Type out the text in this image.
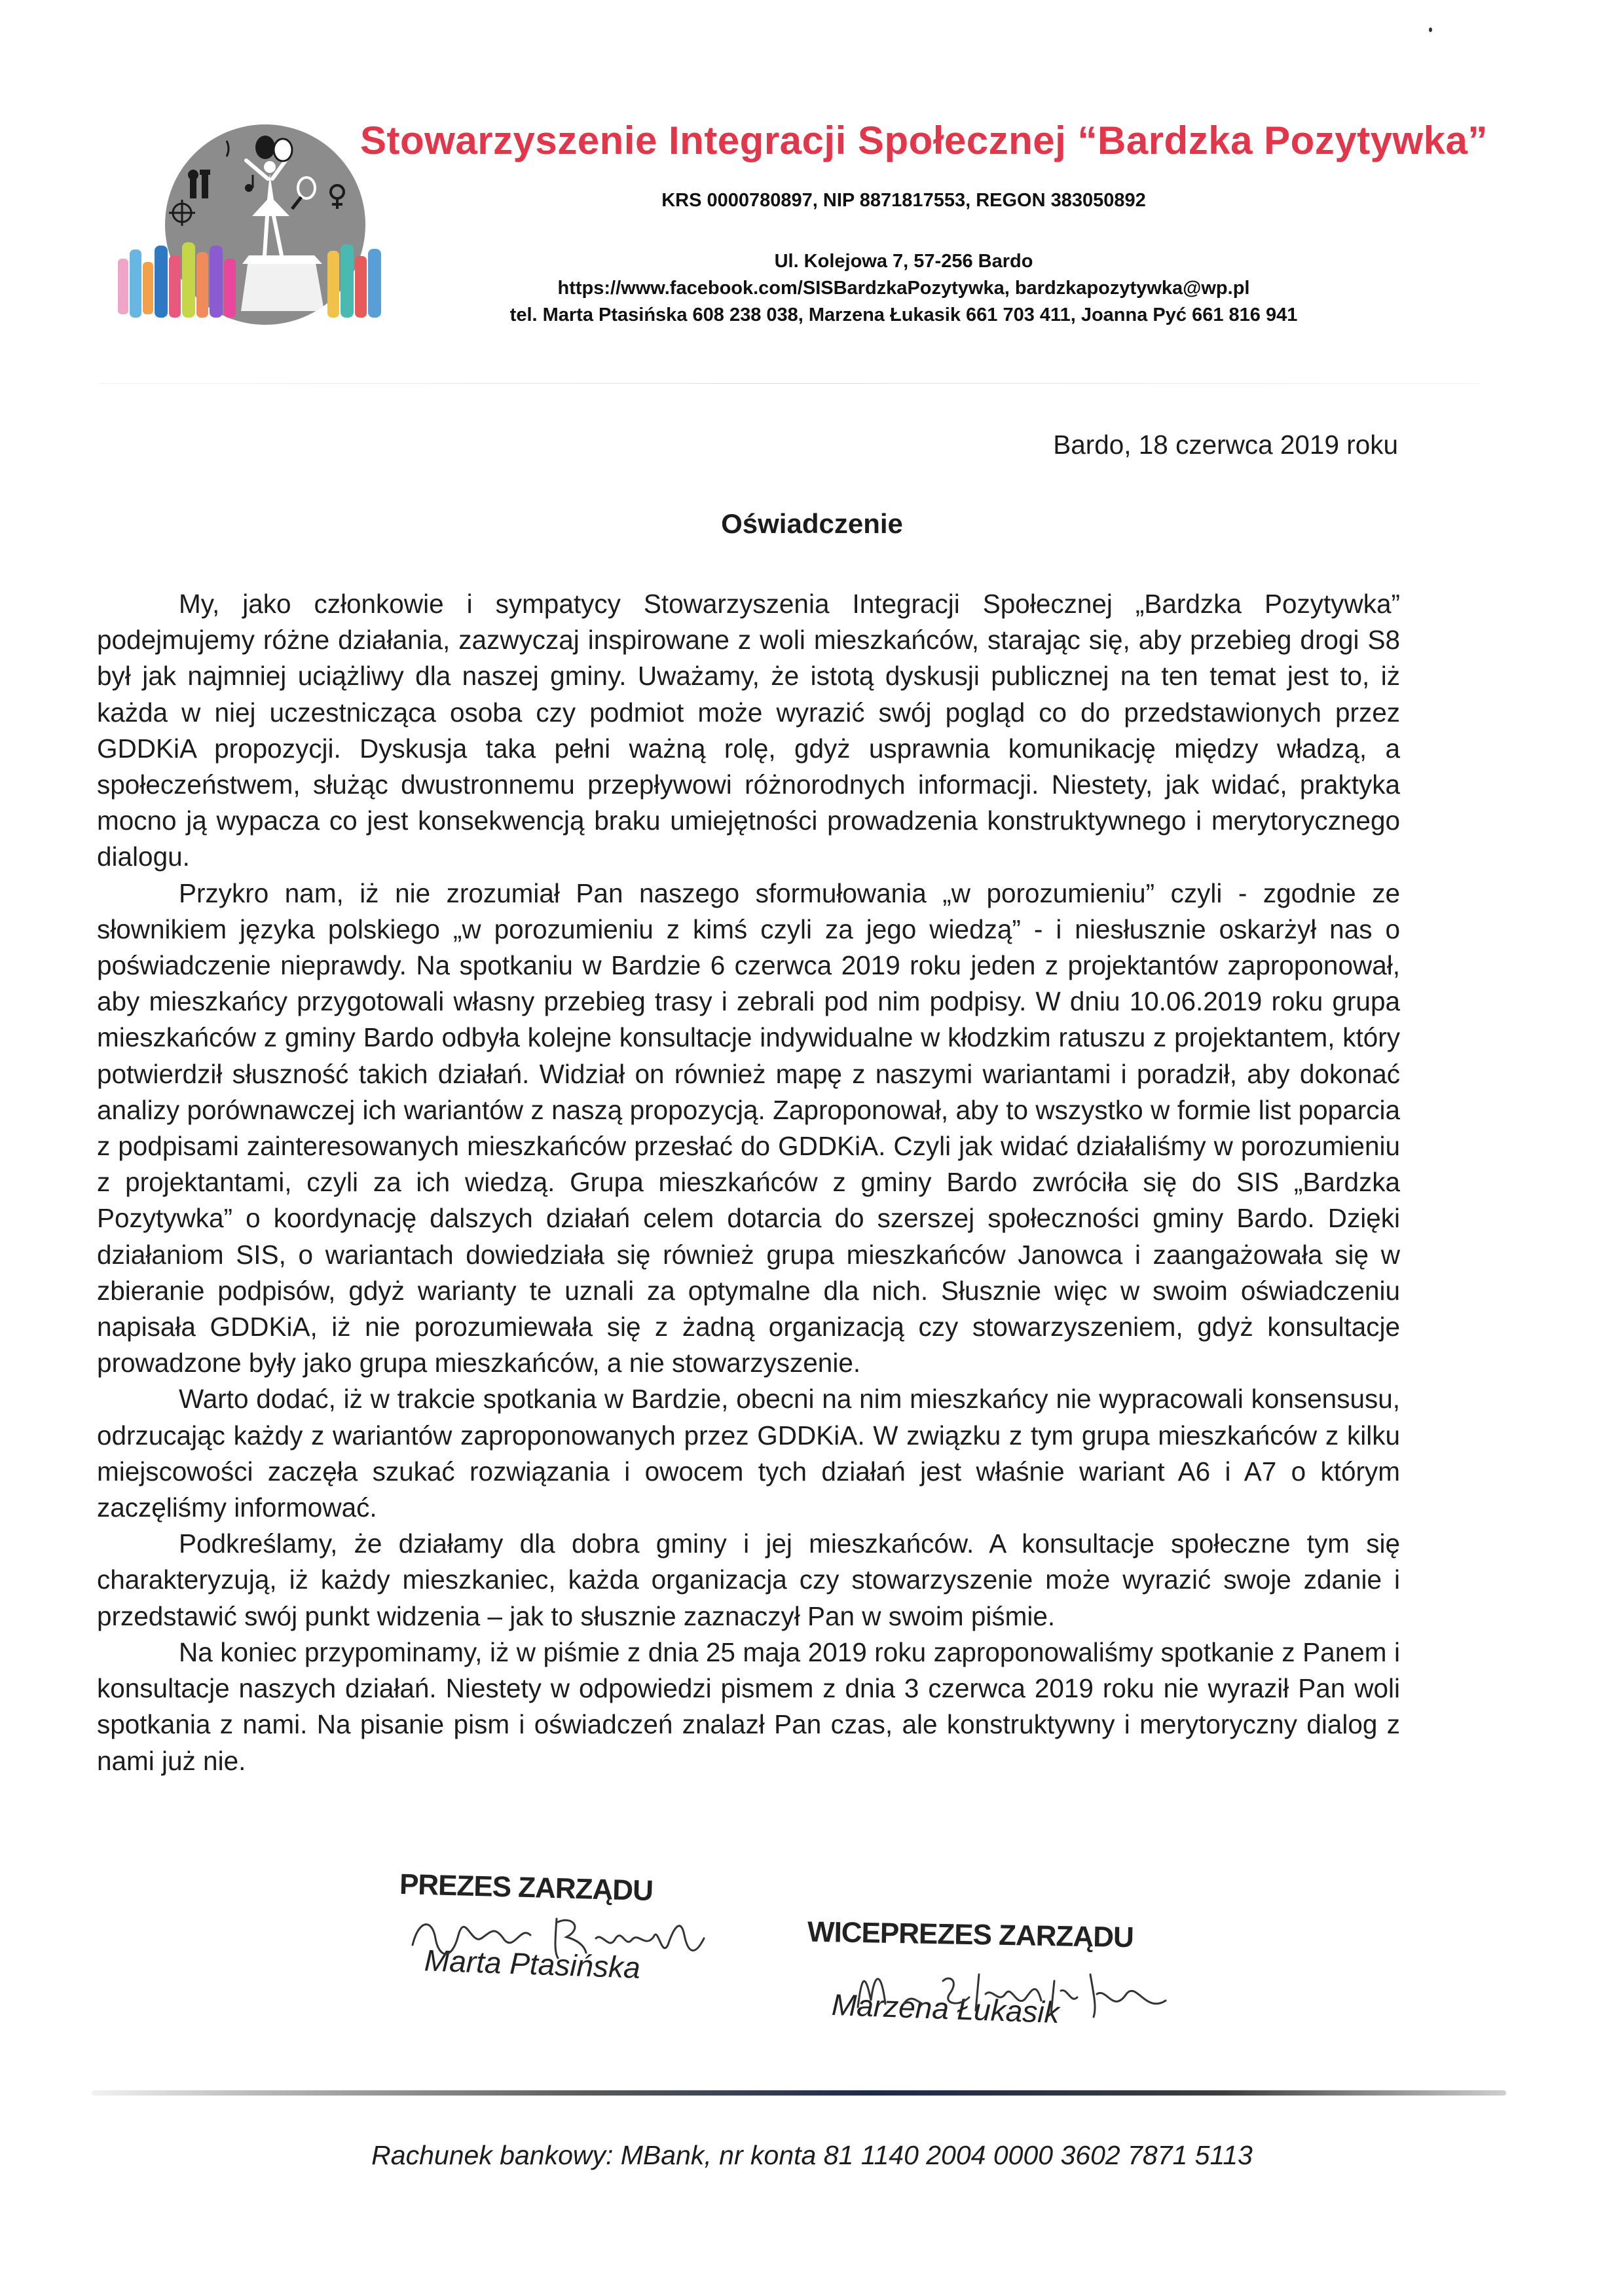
Stowarzyszenie Integracji Społecznej “Bardzka Pozytywka”
KRS 0000780897, NIP 8871817553, REGON 383050892
Ul. Kolejowa 7, 57-256 Bardo
https://www.facebook.com/SISBardzkaPozytywka, bardzkapozytywka@wp.pl
tel. Marta Ptasińska 608 238 038, Marzena Łukasik 661 703 411, Joanna Pyć 661 816 941
Bardo, 18 czerwca 2019 roku
Oświadczenie

My, jako członkowie i sympatycy Stowarzyszenia Integracji Społecznej „Bardzka Pozytywka” podejmujemy różne działania, zazwyczaj inspirowane z woli mieszkańców, starając się, aby przebieg drogi S8 był jak najmniej uciążliwy dla naszej gminy. Uważamy, że istotą dyskusji publicznej na ten temat jest to, iż każda w niej uczestnicząca osoba czy podmiot może wyrazić swój pogląd co do przedstawionych przez GDDKiA propozycji. Dyskusja taka pełni ważną rolę, gdyż usprawnia komunikację między władzą, a społeczeństwem, służąc dwustronnemu przepływowi różnorodnych informacji. Niestety, jak widać, praktyka mocno ją wypacza co jest konsekwencją braku umiejętności prowadzenia konstruktywnego i merytorycznego dialogu.

Przykro nam, iż nie zrozumiał Pan naszego sformułowania „w porozumieniu” czyli - zgodnie ze słownikiem języka polskiego „w porozumieniu z kimś czyli za jego wiedzą” - i niesłusznie oskarżył nas o poświadczenie nieprawdy. Na spotkaniu w Bardzie 6 czerwca 2019 roku jeden z projektantów zaproponował, aby mieszkańcy przygotowali własny przebieg trasy i zebrali pod nim podpisy. W dniu 10.06.2019 roku grupa mieszkańców z gminy Bardo odbyła kolejne konsultacje indywidualne w kłodzkim ratuszu z projektantem, który potwierdził słuszność takich działań. Widział on również mapę z naszymi wariantami i poradził, aby dokonać analizy porównawczej ich wariantów z naszą propozycją. Zaproponował, aby to wszystko w formie list poparcia z podpisami zainteresowanych mieszkańców przesłać do GDDKiA. Czyli jak widać działaliśmy w porozumieniu z projektantami, czyli za ich wiedzą. Grupa mieszkańców z gminy Bardo zwróciła się do SIS „Bardzka Pozytywka” o koordynację dalszych działań celem dotarcia do szerszej społeczności gminy Bardo. Dzięki działaniom SIS, o wariantach dowiedziała się również grupa mieszkańców Janowca i zaangażowała się w zbieranie podpisów, gdyż warianty te uznali za optymalne dla nich. Słusznie więc w swoim oświadczeniu napisała GDDKiA, iż nie porozumiewała się z żadną organizacją czy stowarzyszeniem, gdyż konsultacje prowadzone były jako grupa mieszkańców, a nie stowarzyszenie.

Warto dodać, iż w trakcie spotkania w Bardzie, obecni na nim mieszkańcy nie wypracowali konsensusu, odrzucając każdy z wariantów zaproponowanych przez GDDKiA. W związku z tym grupa mieszkańców z kilku miejscowości zaczęła szukać rozwiązania i owocem tych działań jest właśnie wariant A6 i A7 o którym zaczęliśmy informować.

Podkreślamy, że działamy dla dobra gminy i jej mieszkańców. A konsultacje społeczne tym się charakteryzują, iż każdy mieszkaniec, każda organizacja czy stowarzyszenie może wyrazić swoje zdanie i przedstawić swój punkt widzenia – jak to słusznie zaznaczył Pan w swoim piśmie.

Na koniec przypominamy, iż w piśmie z dnia 25 maja 2019 roku zaproponowaliśmy spotkanie z Panem i konsultacje naszych działań. Niestety w odpowiedzi pismem z dnia 3 czerwca 2019 roku nie wyraził Pan woli spotkania z nami. Na pisanie pism i oświadczeń znalazł Pan czas, ale konstruktywny i merytoryczny dialog z nami już nie.

PREZES ZARZĄDU
Marta Ptasińska
WICEPREZES ZARZĄDU
Marzena Łukasik
Rachunek bankowy: MBank, nr konta 81 1140 2004 0000 3602 7871 5113
